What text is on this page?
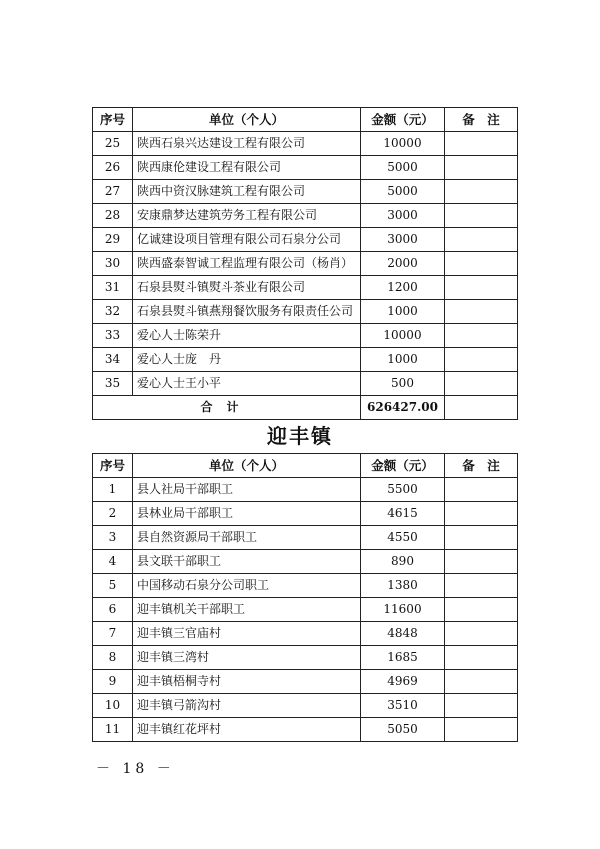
序号	单位（个人）	金额（元）	备　注
25	陕西石泉兴达建设工程有限公司	10000	
26	陕西康伦建设工程有限公司	5000	
27	陕西中资汉脉建筑工程有限公司	5000	
28	安康鼎梦达建筑劳务工程有限公司	3000	
29	亿诚建设项目管理有限公司石泉分公司	3000	
30	陕西盛泰智诚工程监理有限公司（杨肖）	2000	
31	石泉县熨斗镇熨斗茶业有限公司	1200	
32	石泉县熨斗镇燕翔餐饮服务有限责任公司	1000	
33	爱心人士陈荣升	10000	
34	爱心人士庞　丹	1000	
35	爱心人士王小平	500	
合计		626427.00	
迎丰镇
序号	单位（个人）	金额（元）	备　注
1	县人社局干部职工	5500	
2	县林业局干部职工	4615	
3	县自然资源局干部职工	4550	
4	县文联干部职工	890	
5	中国移动石泉分公司职工	1380	
6	迎丰镇机关干部职工	11600	
7	迎丰镇三官庙村	4848	
8	迎丰镇三湾村	1685	
9	迎丰镇梧桐寺村	4969	
10	迎丰镇弓箭沟村	3510	
11	迎丰镇红花坪村	5050	
－ 18 －
